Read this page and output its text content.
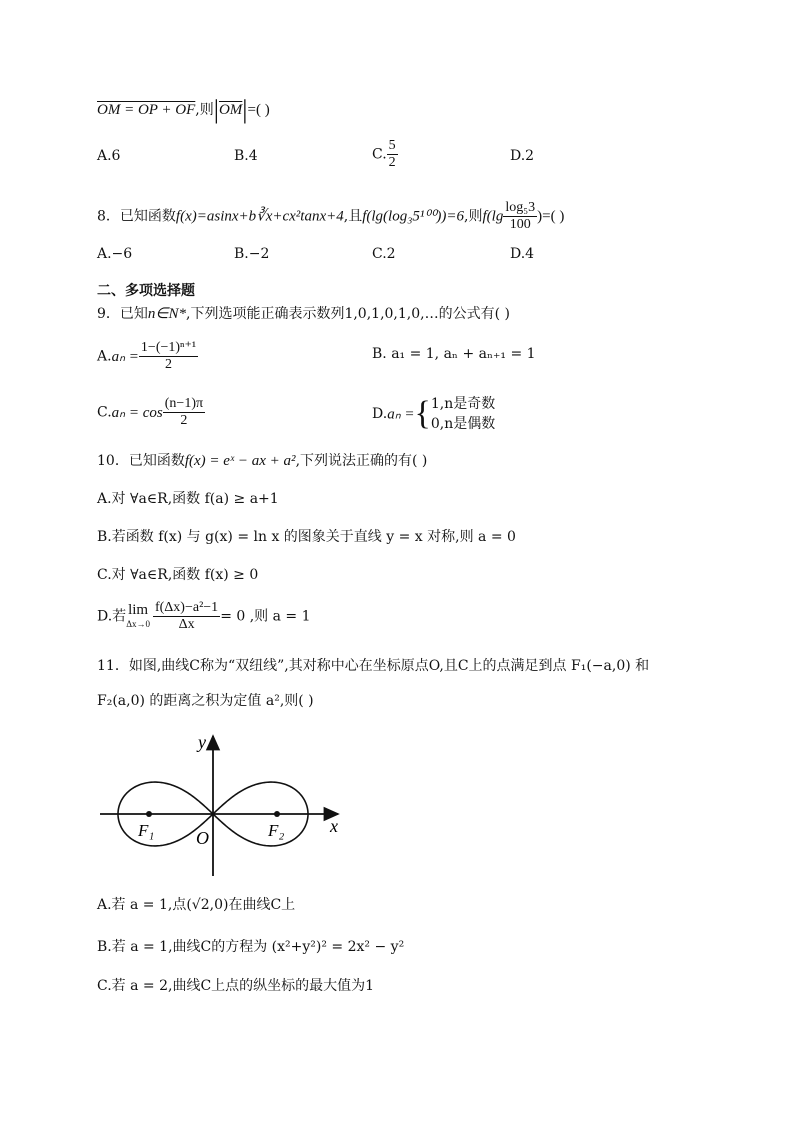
OM = OP + OF,则$|\overline{OM}|=$( )
A.6	B.4	C. $\frac{5}{2}$	D.2
8．已知函数f(x)=asinx+b∛x+cx²tanx+4,且f(lg(log₃5¹⁰⁰))=6,则$f(\lg \frac{\text{log₅3}}{100}$ )=( )
A.−6	B.−2	C.2	D.4
二、多项选择题
9．已知n∈N*,下列选项能正确表示数列1,0,1,0,1,0,…的公式有( )
$A.a_n = \frac{\text{1−(−1)ⁿ⁺¹}}{2}$	B. a₁ = 1, aₙ + aₙ₊₁ = 1
$C.a_n = \cos \frac{(n-1)\pi}{2}$	D.aₙ ={ 1,n是奇数
0,n是偶数
10．已知函数f(x) = eˣ − ax + a²,下列说法正确的有( )
A.对 ∀a∈R,函数 f(a) ≥ a+1
B.若函数 f(x) 与 g(x) = ln x 的图象关于直线 y = x 对称,则 a = 0
C.对 ∀a∈R,函数 f(x) ≥ 0
D.若 lim
$\Delta x\to 0 \frac{\text{f(Δx)−a²−1}}{\Delta x} = 0$ ,则 a = 1
11．如图,曲线C称为“双纽线”,其对称中心在坐标原点O,且C上的点满足到点 F₁(−a,0) 和
F₂(a,0) 的距离之积为定值 a²,则( )
y
x
O
F₁	F₂
A.若 a = 1,点(√2,0)在曲线C上
B.若 a = 1,曲线C的方程为 (x²+y²)² = 2x² − y²
C.若 a = 2,曲线C上点的纵坐标的最大值为1
